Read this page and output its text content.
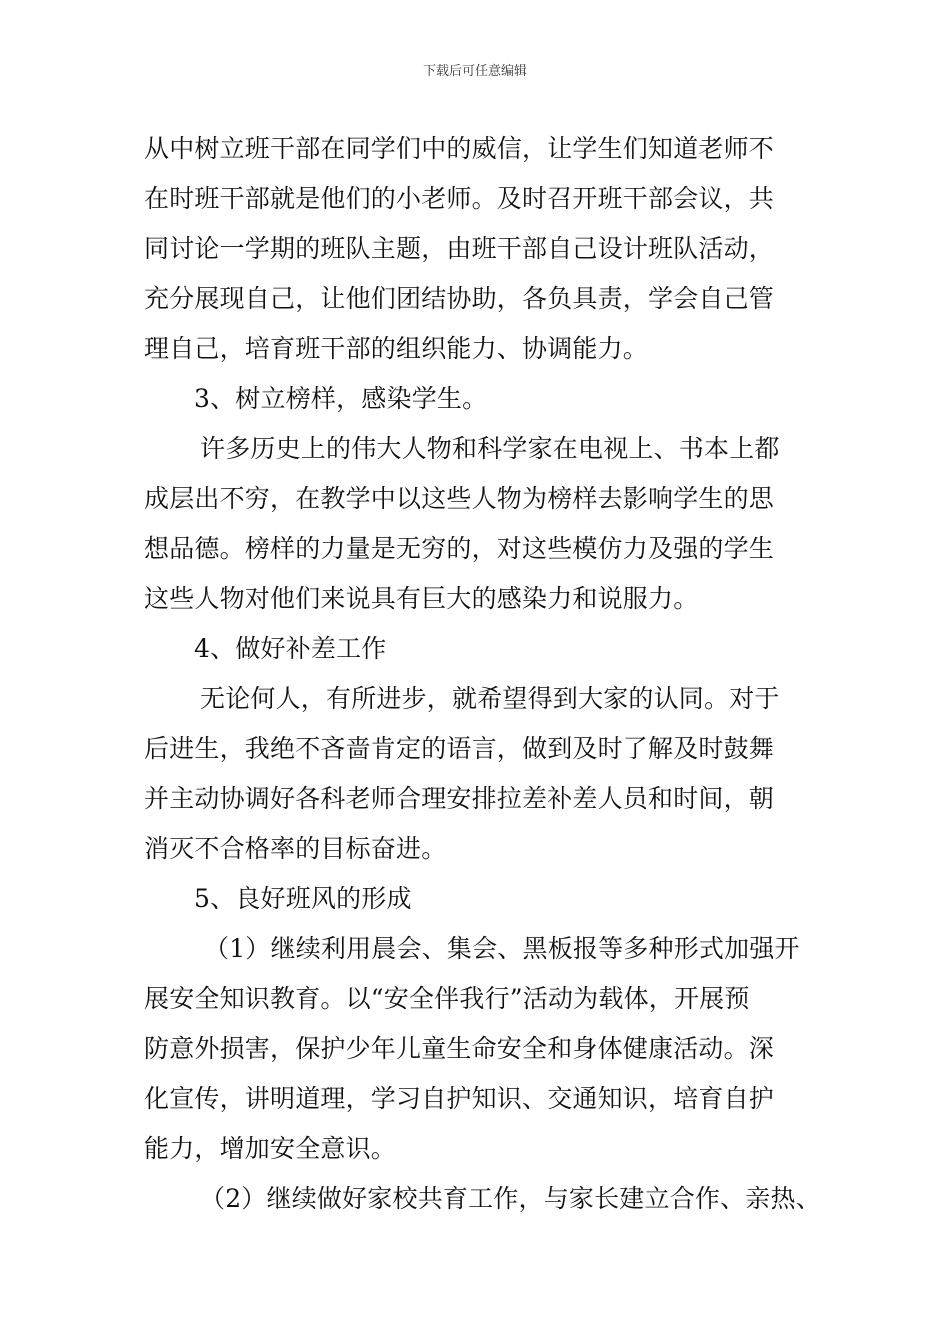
下载后可任意编辑
从中树立班干部在同学们中的威信，让学生们知道老师不
在时班干部就是他们的小老师。及时召开班干部会议，共
同讨论一学期的班队主题，由班干部自己设计班队活动，
充分展现自己，让他们团结协助，各负具责，学会自己管
理自己，培育班干部的组织能力、协调能力。
3、树立榜样，感染学生。
许多历史上的伟大人物和科学家在电视上、书本上都
成层出不穷，在教学中以这些人物为榜样去影响学生的思
想品德。榜样的力量是无穷的，对这些模仿力及强的学生
这些人物对他们来说具有巨大的感染力和说服力。
4、做好补差工作
无论何人，有所进步，就希望得到大家的认同。对于
后进生，我绝不吝啬肯定的语言，做到及时了解及时鼓舞
并主动协调好各科老师合理安排拉差补差人员和时间，朝
消灭不合格率的目标奋进。
5、良好班风的形成
（1）继续利用晨会、集会、黑板报等多种形式加强开
展安全知识教育。以“安全伴我行”活动为载体，开展预
防意外损害，保护少年儿童生命安全和身体健康活动。深
化宣传，讲明道理，学习自护知识、交通知识，培育自护
能力，增加安全意识。
（2）继续做好家校共育工作，与家长建立合作、亲热、
